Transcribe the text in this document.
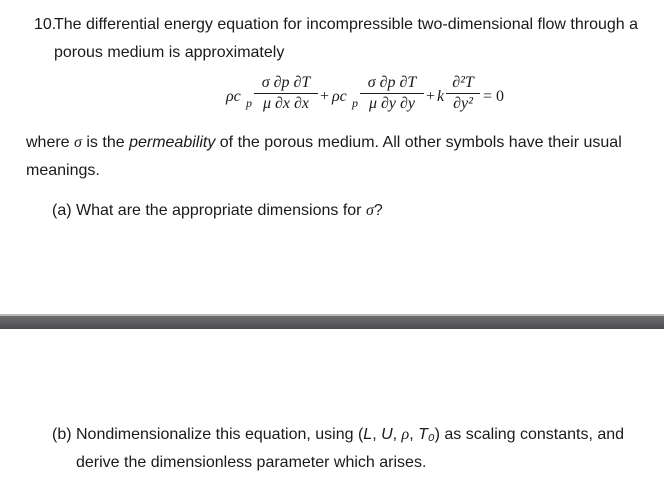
10.
The differential energy equation for incompressible two-dimensional flow through a
porous medium is approximately
ρc p
σ ∂p ∂T
μ ∂x ∂x + ρc p
σ ∂p ∂T
μ ∂y ∂y + k
∂²T
∂y² = 0
where σ is the permeability of the porous medium. All other symbols have their usual
meanings.
(a) What are the appropriate dimensions for σ?
(b) Nondimensionalize this equation, using (L, U, ρ, T₀) as scaling constants, and
derive the dimensionless parameter which arises.
